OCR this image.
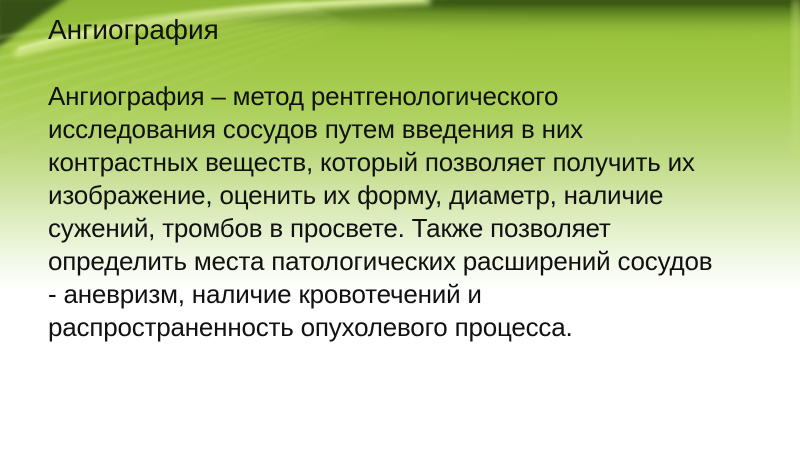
Ангиография
Ангиография – метод рентгенологического
исследования сосудов путем введения в них
контрастных веществ, который позволяет получить их
изображение, оценить их форму, диаметр, наличие
сужений, тромбов в просвете. Также позволяет
определить места патологических расширений сосудов
- аневризм, наличие кровотечений и
распространенность опухолевого процесса.
